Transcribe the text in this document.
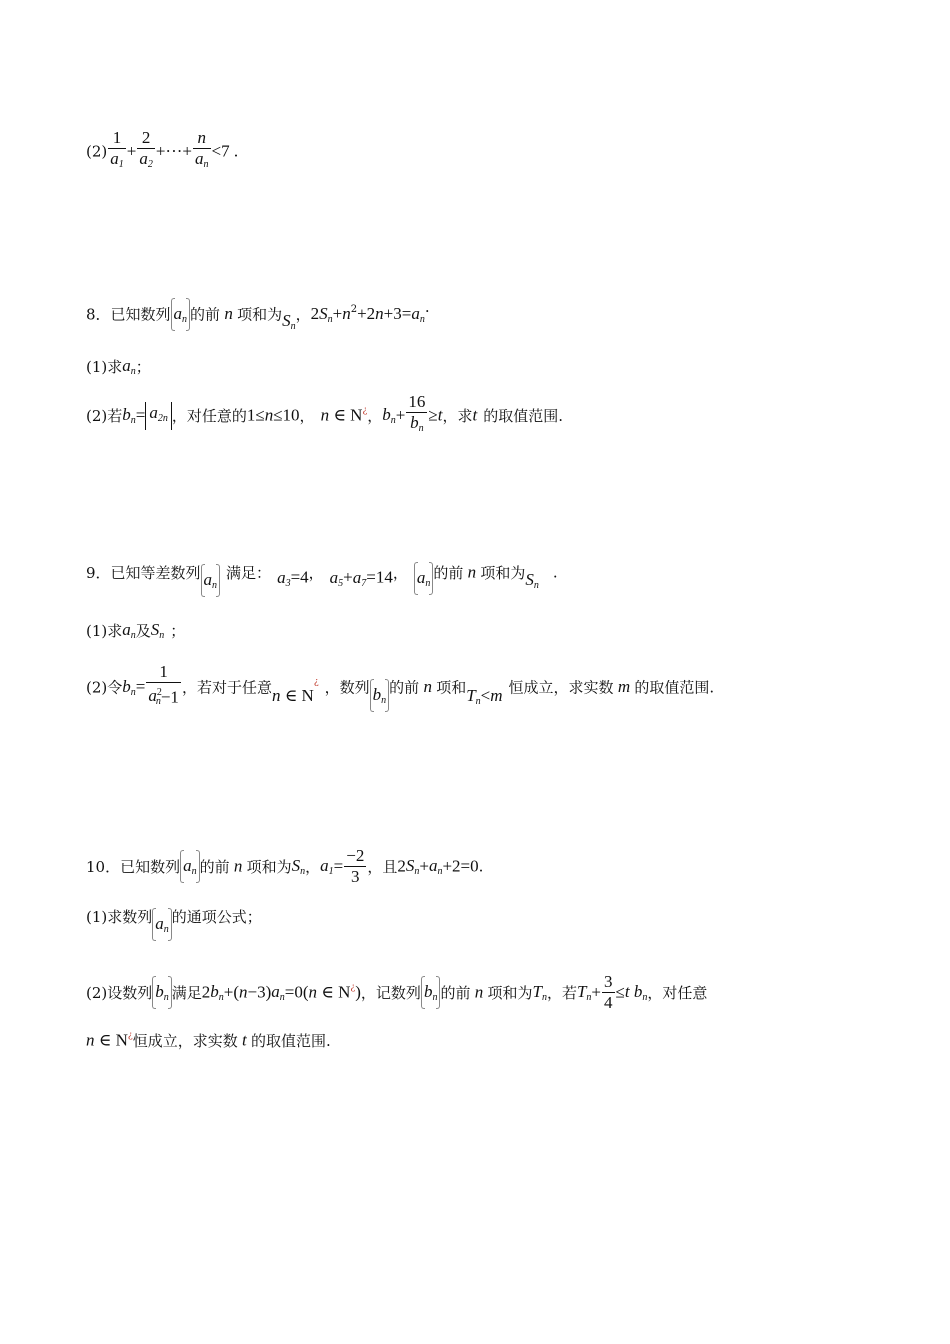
$(2) \frac{1}{a_1} + \frac{2}{a_2}$ +···+ $\frac{n}{a_n} <7$ .
8．已知数列 $a_n$ 的前 n 项和为$S_n$，$2S_n+n^2+2n+3=a_n$.
(1)求$a_n$；
(2)若$b_n= a_{2n}$ ，对任意的1≤n≤10， n ∈ N¿，$b_n+ \frac{16}{b_n} \ge t$，求t 的取值范围.
9．已知等差数列 $a_n$满足： $a_3=4$， $a_5+a_7=14$， $a_n$的前 n 项和为$S_n$.
(1)求$a_n$及$S_n$ ；
(2)令$b_n= \frac{1}{a^2_n-1}$ ，若对于任意n ∈ N¿ ，数列 $b_n$的前 n 项和$T_n<m$ 恒成立，求实数 m 的取值范围.
10．已知数列 $a_n$ 的前 n 项和为$S_n$，$a_1= \frac{-2}{3}$ ，且$2S_n+a_n+2=0$.
(1)求数列 $a_n$的通项公式；
(2)设数列 $b_n$ 满足$2b_n+(n-3)a_n=0(n$ ∈ N¿)，记数列 $b_n$ 的前 n 项和为$T_n$，若$T_n+ \frac{3}{4} \le t$ $b_n$，对任意
n ∈ N¿恒成立，求实数 t 的取值范围.
